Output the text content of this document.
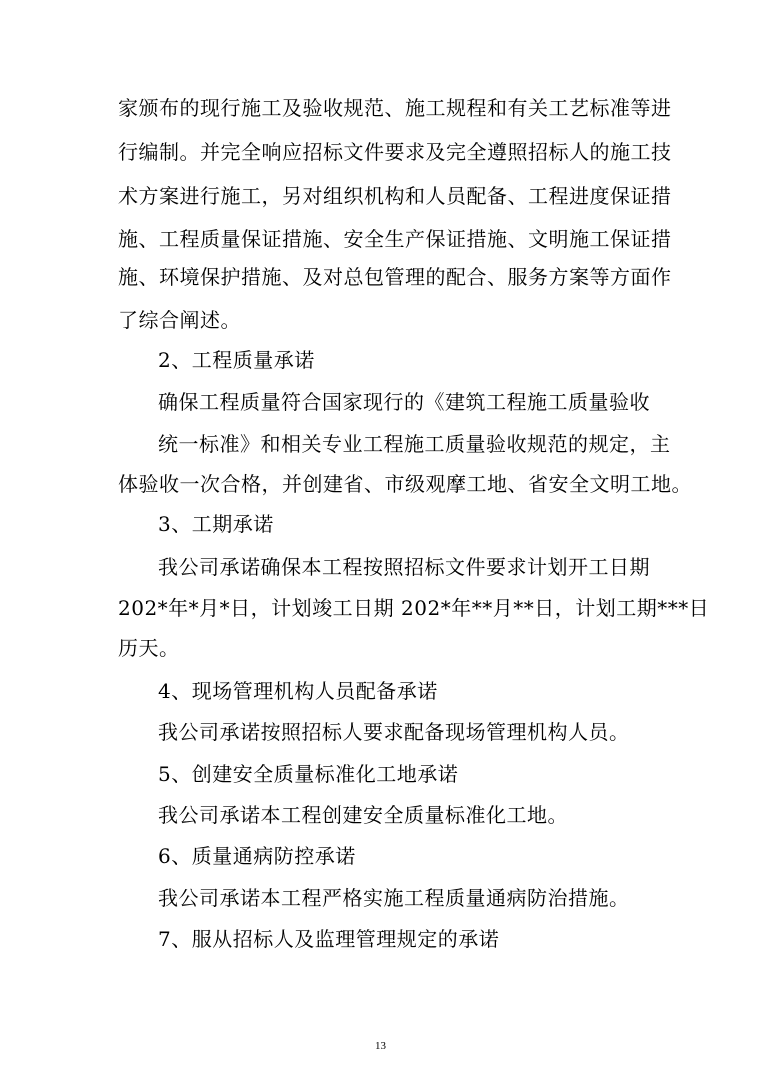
家颁布的现行施工及验收规范、施工规程和有关工艺标准等进
行编制。并完全响应招标文件要求及完全遵照招标人的施工技
术方案进行施工，另对组织机构和人员配备、工程进度保证措
施、工程质量保证措施、安全生产保证措施、文明施工保证措
施、环境保护措施、及对总包管理的配合、服务方案等方面作
了综合阐述。
2、工程质量承诺
确保工程质量符合国家现行的《建筑工程施工质量验收
统一标准》和相关专业工程施工质量验收规范的规定，主
体验收一次合格，并创建省、市级观摩工地、省安全文明工地。
3、工期承诺
我公司承诺确保本工程按照招标文件要求计划开工日期
202*年*月*日，计划竣工日期 202*年**月**日，计划工期***日
历天。
4、现场管理机构人员配备承诺
我公司承诺按照招标人要求配备现场管理机构人员。
5、创建安全质量标准化工地承诺
我公司承诺本工程创建安全质量标准化工地。
6、质量通病防控承诺
我公司承诺本工程严格实施工程质量通病防治措施。
7、服从招标人及监理管理规定的承诺
13
